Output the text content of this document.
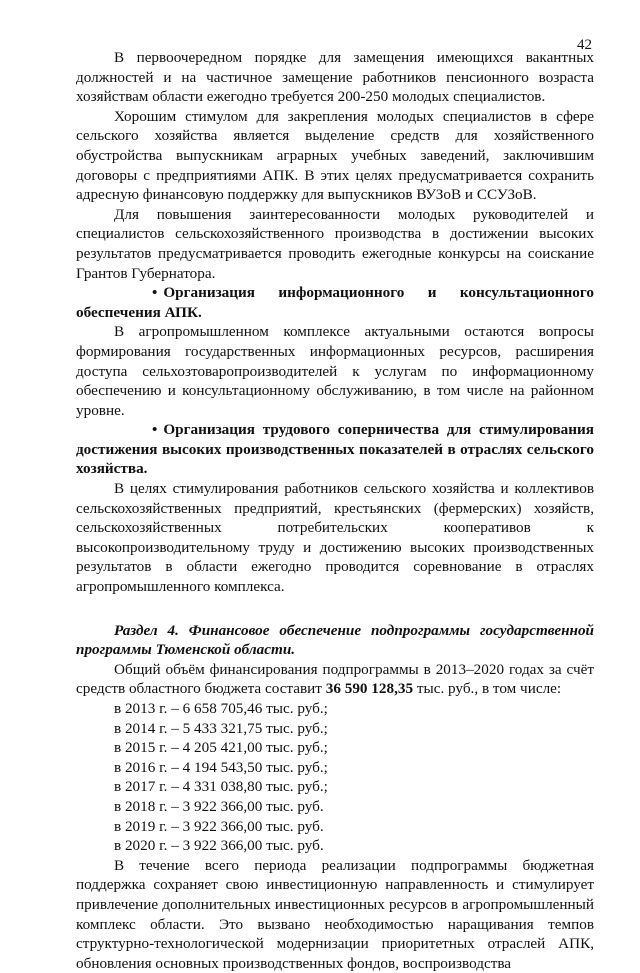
42

В первоочередном порядке для замещения имеющихся вакантных должностей и на частичное замещение работников пенсионного возраста хозяйствам области ежегодно требуется 200-250 молодых специалистов.

Хорошим стимулом для закрепления молодых специалистов в сфере сельского хозяйства является выделение средств для хозяйственного обустройства выпускникам аграрных учебных заведений, заключившим договоры с предприятиями АПК. В этих целях предусматривается сохранить адресную финансовую поддержку для выпускников ВУЗоВ и ССУЗоВ.

Для повышения заинтересованности молодых руководителей и специалистов сельскохозяйственного производства в достижении высоких результатов предусматривается проводить ежегодные конкурсы на соискание Грантов Губернатора.

• Организация информационного и консультационного обеспечения АПК.

В агропромышленном комплексе актуальными остаются вопросы формирования государственных информационных ресурсов, расширения доступа сельхозтоваропроизводителей к услугам по информационному обеспечению и консультационному обслуживанию, в том числе на районном уровне.

• Организация трудового соперничества для стимулирования достижения высоких производственных показателей в отраслях сельского хозяйства.

В целях стимулирования работников сельского хозяйства и коллективов сельскохозяйственных предприятий, крестьянских (фермерских) хозяйств, сельскохозяйственных потребительских кооперативов к высокопроизводительному труду и достижению высоких производственных результатов в области ежегодно проводится соревнование в отраслях агропромышленного комплекса.

Раздел 4. Финансовое обеспечение подпрограммы государственной программы Тюменской области.

Общий объём финансирования подпрограммы в 2013–2020 годах за счёт средств областного бюджета составит 36 590 128,35 тыс. руб., в том числе:

в 2013 г. – 6 658 705,46 тыс. руб.;
в 2014 г. – 5 433 321,75 тыс. руб.;
в 2015 г. – 4 205 421,00 тыс. руб.;
в 2016 г. – 4 194 543,50 тыс. руб.;
в 2017 г. – 4 331 038,80 тыс. руб.;
в 2018 г. – 3 922 366,00 тыс. руб.
в 2019 г. – 3 922 366,00 тыс. руб.
в 2020 г. – 3 922 366,00 тыс. руб.

В течение всего периода реализации подпрограммы бюджетная поддержка сохраняет свою инвестиционную направленность и стимулирует привлечение дополнительных инвестиционных ресурсов в агропромышленный комплекс области. Это вызвано необходимостью наращивания темпов структурно-технологической модернизации приоритетных отраслей АПК, обновления основных производственных фондов, воспроизводства
